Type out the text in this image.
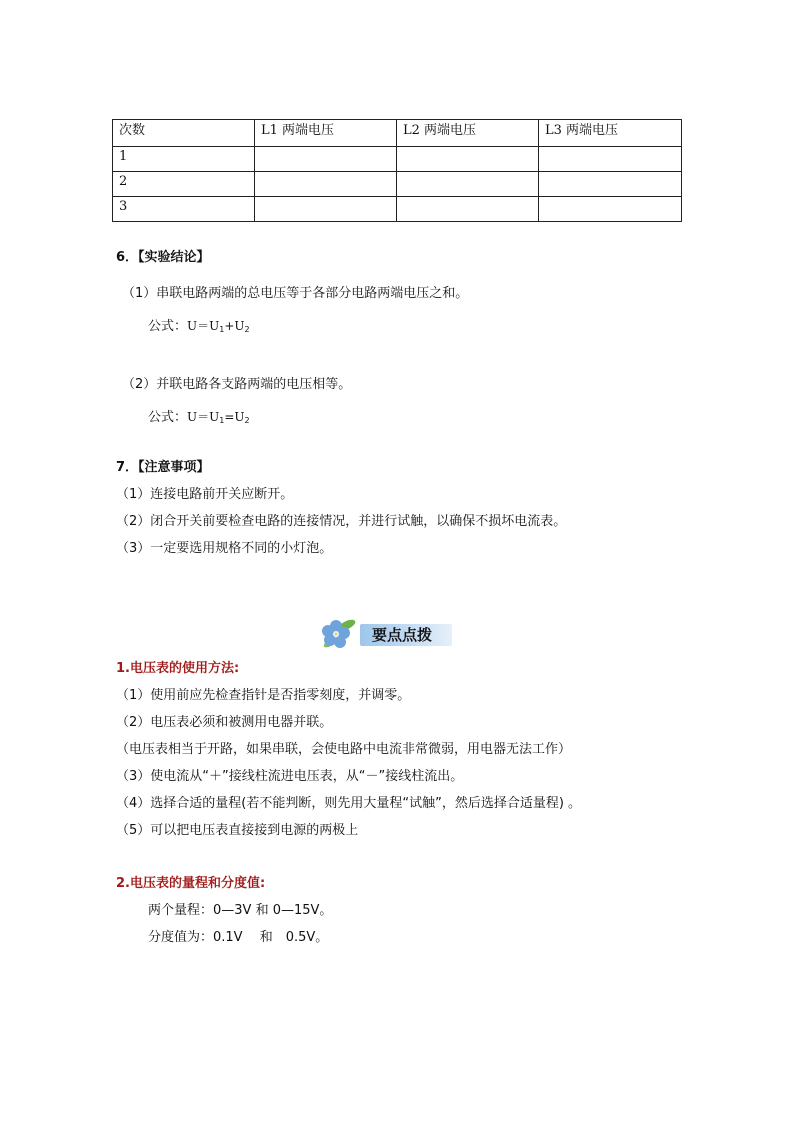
次数	L1 两端电压	L2 两端电压	L3 两端电压
1			
2			
3			
6．【实验结论】
（1）串联电路两端的总电压等于各部分电路两端电压之和。
公式：$U=U_1+U_2$
（2）并联电路各支路两端的电压相等。
公式：$U=U_1=U_2$
7．【注意事项】
（1）连接电路前开关应断开。
（2）闭合开关前要检查电路的连接情况，并进行试触，以确保不损坏电流表。
（3）一定要选用规格不同的小灯泡。
要点点拨
1.电压表的使用方法:
（1）使用前应先检查指针是否指零刻度，并调零。
（2）电压表必须和被测用电器并联。
（电压表相当于开路，如果串联，会使电路中电流非常微弱，用电器无法工作）
（3）使电流从“＋”接线柱流进电压表，从“－”接线柱流出。
（4）选择合适的量程(若不能判断，则先用大量程“试触”，然后选择合适量程) 。
（5）可以把电压表直接接到电源的两极上
2.电压表的量程和分度值:
两个量程：0—3V 和 0—15V。
分度值为：0.1V　 和　0.5V。
